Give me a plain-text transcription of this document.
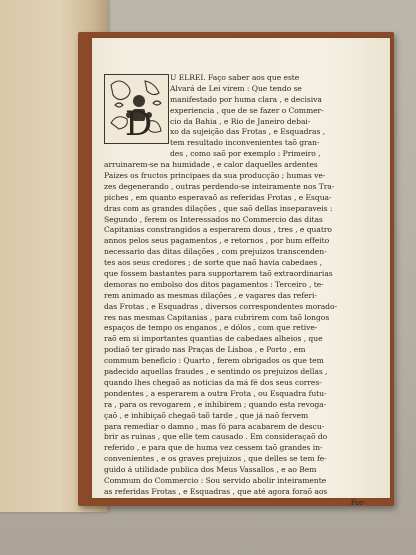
D
U ELREI. Faço saber aos que este
Alvará de Lei virem : Que tendo se
manifestado por huma clara , e decisiva
experiencia , que de se fazer o Commer-
cio da Bahia , e Rio de Janeiro debai-
xo da sujeição das Frotas , e Esquadras ,
tem resultado inconvenientes taõ gran-
des , como saõ por exemplo : Primeiro ,
arruinarem-se na humidade , e calor daquelles ardentes
Paizes os fructos principaes da sua producção ; humas ve-
zes degenerando , outras perdendo-se inteiramente nos Tra-
piches , em quanto esperavaõ as referidas Frotas , e Esqua-
dras com as grandes dilações , que saõ dellas inseparaveis :
Segundo , ferem os Interessados no Commercio das ditas
Capitanias constrangidos a esperarem dous , tres , e quatro
annos pelos seus pagamentos , e retornos , por hum effeito
necessario das ditas dilações , com prejuizos transcenden-
tes aos seus credores ; de sorte que naõ havia cabedaes ,
que fossem bastantes para supportarem taõ extraordinarias
demoras no embolso dos ditos pagamentos : Terceiro , te-
rem animado as mesmas dilações , e vagares das referi-
das Frotas , e Esquadras , diversos correspondentes morado-
res nas mesmas Capitanias , para cubrirem com taõ longos
espaços de tempo os enganos , e dólos , com que retive-
raõ em si importantes quantias de cabedaes alheios , que
podiaõ ter girado nas Praças de Lisboa , e Porto , em
commum beneficio : Quarto , ferem obrigados os que tem
padecido aquellas fraudes , e sentindo os prejuizos dellas ,
quando lhes chegaõ as noticias da má fé dos seus corres-
pondentes , a esperarem a outra Frota , ou Esquadra futu-
ra , para os revogarem , e inhibirem ; quando esta revoga-
çaõ , e inhibiçaõ chegaõ taõ tarde , que já naõ fervem
para remediar o damno , mas fó para acabarem de descu-
brir as ruinas , que elle tem causado . Em consideraçaõ do
referido , e para que de huma vez cessem taõ grandes in-
convenientes , e os graves prejuizos , que delles se tem fe-
guido á utilidade publica dos Meus Vassallos , e ao Bem
Commum do Commercio : Sou servido abolir inteiramente
as referidas Frotas , e Esquadras , que até agora foraõ aos
Por-
